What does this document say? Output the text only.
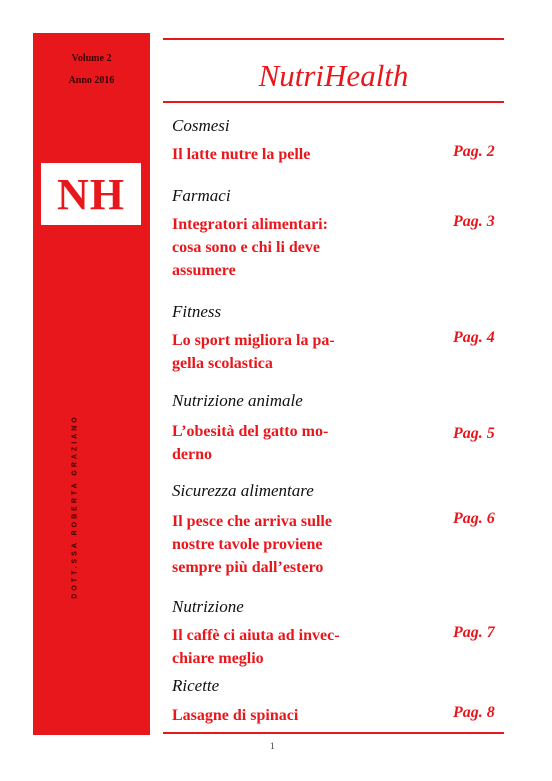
Volume 2
Anno 2016
NH
DOTT.SSA ROBERTA GRAZIANO
NutriHealth
Cosmesi
Il latte nutre la pelle	Pag. 2
Farmaci
Integratori alimentari:
cosa sono e chi li deve
assumere
Pag. 3
Fitness
Lo sport migliora la pa-
gella scolastica
Pag. 4
Nutrizione animale
L’obesità del gatto mo-
derno
Pag. 5
Sicurezza alimentare
Il pesce che arriva sulle
nostre tavole proviene
sempre più dall’estero
Pag. 6
Nutrizione
Il caffè ci aiuta ad invec-
chiare meglio
Pag. 7
Ricette
Lasagne di spinaci	Pag. 8
1
